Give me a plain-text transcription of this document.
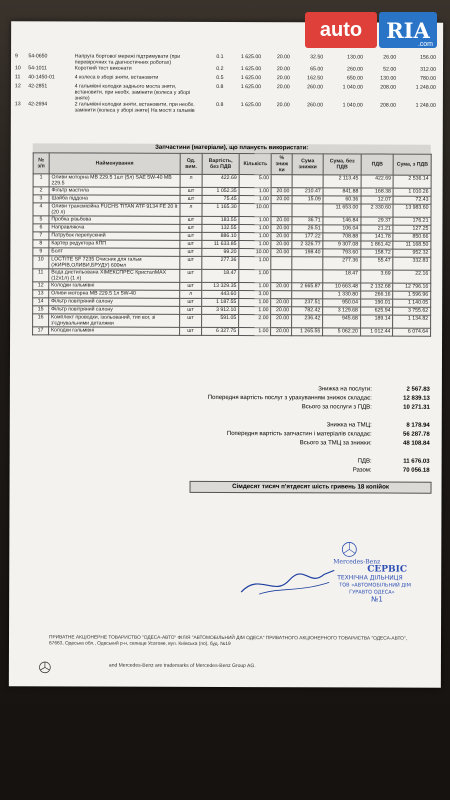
9	54-0650	Напруга бортової мережі підтримувати (при перевірочних та діагностичних роботах)	0.1	1 625.00	20.00	32.50	130.00	26.00	156.00
10	54-1011	Короткий тест виконати	0.2	1 625.00	20.00	65.00	260.00	52.00	312.00
11	40-1450-01	4 колеса в зборі зняти, встановити	0.5	1 625.00	20.00	162.50	650.00	130.00	780.00
12	42-2851	4 гальмівні колодки заднього моста зняти, встановити, при необх. замінити (колеса у зборі зняте)	0.8	1 625.00	20.00	260.00	1 040.00	208.00	1 248.00
13	42-2694	2 гальмівні колодки зняти, встановити, при необх. замінити (колеса у зборі зняте) На мості з гальмів	0.8	1 625.00	20.00	260.00	1 040.00	208.00	1 248.00
Запчастини (матеріали), що плануєть використати:
№ з/п	Найменування	Од. вим.	Вартість, без ПДВ	Кількість	% зниж ки	Сума знижки	Сума, без ПДВ	ПДВ	Сума, з ПДВ
1	Оливи моторна MB 229.5 1шт (5л) SAE 5W-40 MB 229.5	л	422.69	5.00			2 113.45	422.69	2 536.14
2	Фільтр мастила	шт	1 052.35	1.00	20.00	210.47	841.88	168.38	1 010.26
3	Шайба піддона	шт	75.45	1.00	20.00	15.09	60.36	12.07	72.43
4	Оливи трансмісійна FUCHS TITAN ATF 9134 FE 20 lt (20 л)	л	1 165.30	10.00			11 653.00	2 330.60	13 983.60
5	Пробка різьбова	шт	183.55	1.00	20.00	36.71	146.84	29.37	176.21
6	Направляюча	шт	132.55	1.00	20.00	26.51	106.04	21.21	127.25
7	Патрубок перепускний	шт	886.10	1.00	20.00	177.22	708.88	141.78	850.66
8	Картер редуктора КПП	шт	11 633.85	1.00	20.00	2 326.77	9 307.08	1 861.42	11 168.50
9	Болт	шт	99.20	10.00	20.00	198.40	793.60	158.72	952.32
10	LOCTITE SF 7235 Очисник для гальм (ЖИРІВ,ОЛИВИ,БРУДУ) 600мл	шт	277.36	1.00			277.36	55.47	332.83
11	Вода дистильована ХІМЕКСПРЕС КристалМАХ (12х1л) (1 л)	шт	18.47	1.00			18.47	3.69	22.16
12	Колодки гальмівні	шт	13 329.35	1.00	20.00	2 665.87	10 663.48	2 132.68	12 796.16
13	Оливи моторна MB 229.5 1л 5W-40	л	443.60	3.00			1 330.80	266.16	1 596.96
14	Фільтр повітряний салону	шт	1 187.55	1.00	20.00	237.51	950.04	190.01	1 140.05
15	Фільтр повітряний салону	шт	3 912.10	1.00	20.00	782.42	3 129.68	625.94	3 755.62
16	Комплект проводки, ізольований, тип вог, зі з'єднувальними деталями	шт	591.05	2.00	20.00	236.42	945.68	189.14	1 134.82
17	Колодки гальмівні	шт	6 327.75	1.00	20.00	1 265.55	5 062.20	1 012.44	6 074.64
Знижка на послуги:	2 567.83
Попередня вартість послуг з урахуванням знижок складає:	12 839.13
Всього за послуги з ПДВ:	10 271.31
Знижка на ТМЦ:	8 178.94
Попередня вартість запчастин і матеріалів складає:	56 287.78
Всього за ТМЦ за знижки:	48 108.84
ПДВ:	11 676.03
Разом:	70 056.18
Сімдесят тисяч п'ятдесят шість гривень 18 копійок
Mercedes-Benz
СЕРВІС
ТЕХНІЧНА ДІЛЬНИЦЯ
ТОВ «АВТОМОБІЛЬНИЙ ДІМ
ГУРАВТО ОДЕСА»
№1
ПРИВАТНЕ АКЦІОНЕРНЕ ТОВАРИСТВО "ОДЕСА-АВТО" ФІЛІЯ "АВТОМОБІЛЬНИЙ ДІМ ОДЕСА" ПРИВАТНОГО АКЦІОНЕРНОГО ТОВАРИСТВА "ОДЕСА-АВТО", 67663, Одеська обл., Одеський р-н, селище Усатове, вул. Київська (по), буд. №19
and Mercedes-Benz are trademarks of Mercedes-Benz Group AG.
auto	RIA
.com
